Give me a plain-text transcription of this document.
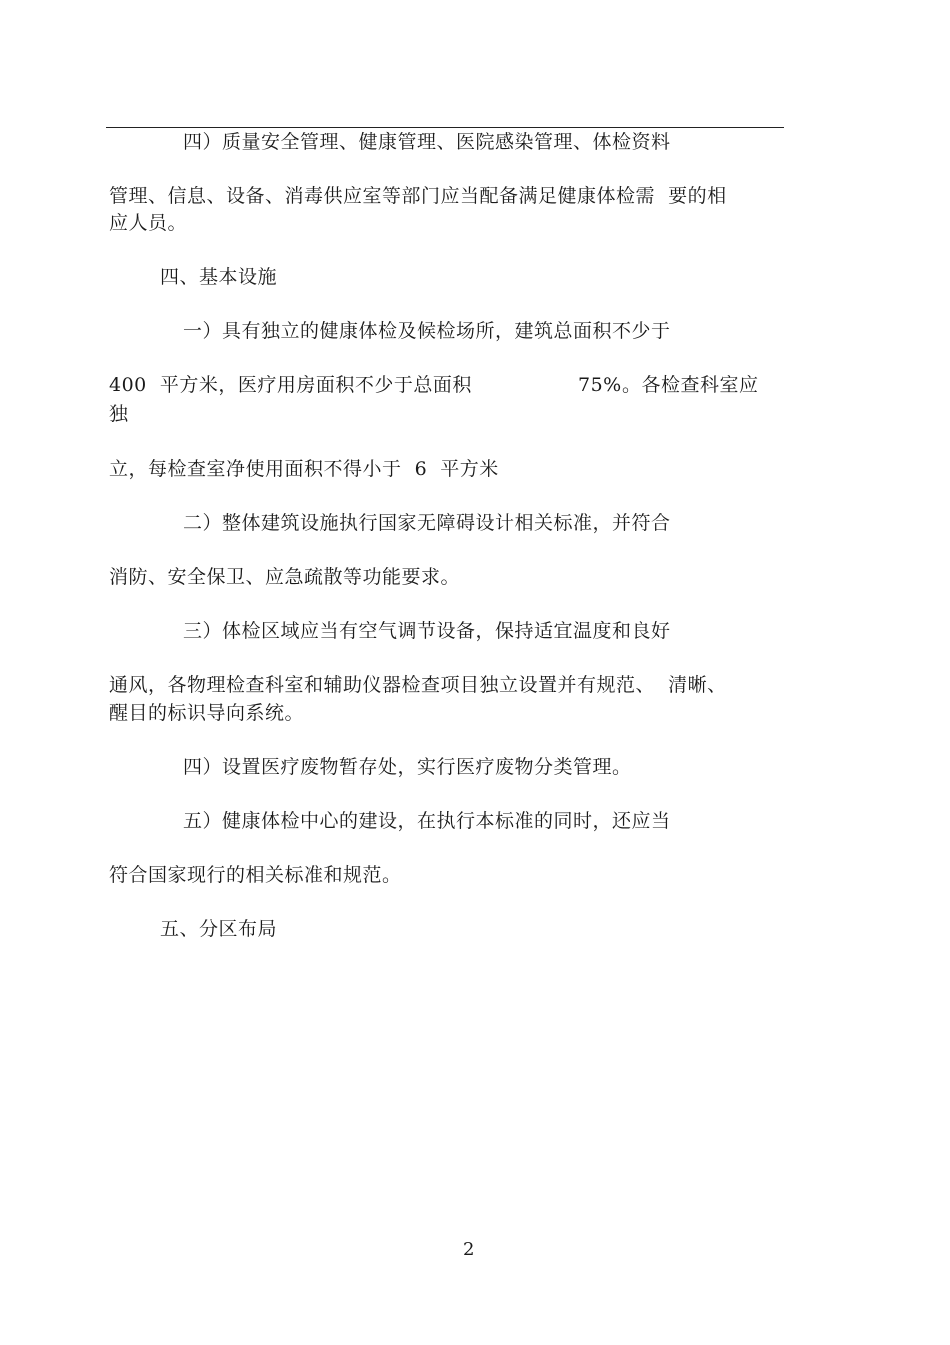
四）质量安全管理、健康管理、医院感染管理、体检资料
管理、信息、设备、消毒供应室等部门应当配备满足健康体检需  要的相
应人员。
四、基本设施
一）具有独立的健康体检及候检场所，建筑总面积不少于
400  平方米，医疗用房面积不少于总面积	75% 。各检查科室应
独
立，每检查室净使用面积不得小于  6  平方米
二）整体建筑设施执行国家无障碍设计相关标准，并符合
消防、安全保卫、应急疏散等功能要求。
三）体检区域应当有空气调节设备，保持适宜温度和良好
通风，各物理检查科室和辅助仪器检查项目独立设置并有规范、  清晰、
醒目的标识导向系统。
四）设置医疗废物暂存处，实行医疗废物分类管理。
五）健康体检中心的建设，在执行本标准的同时，还应当
符合国家现行的相关标准和规范。
五、分区布局
2
